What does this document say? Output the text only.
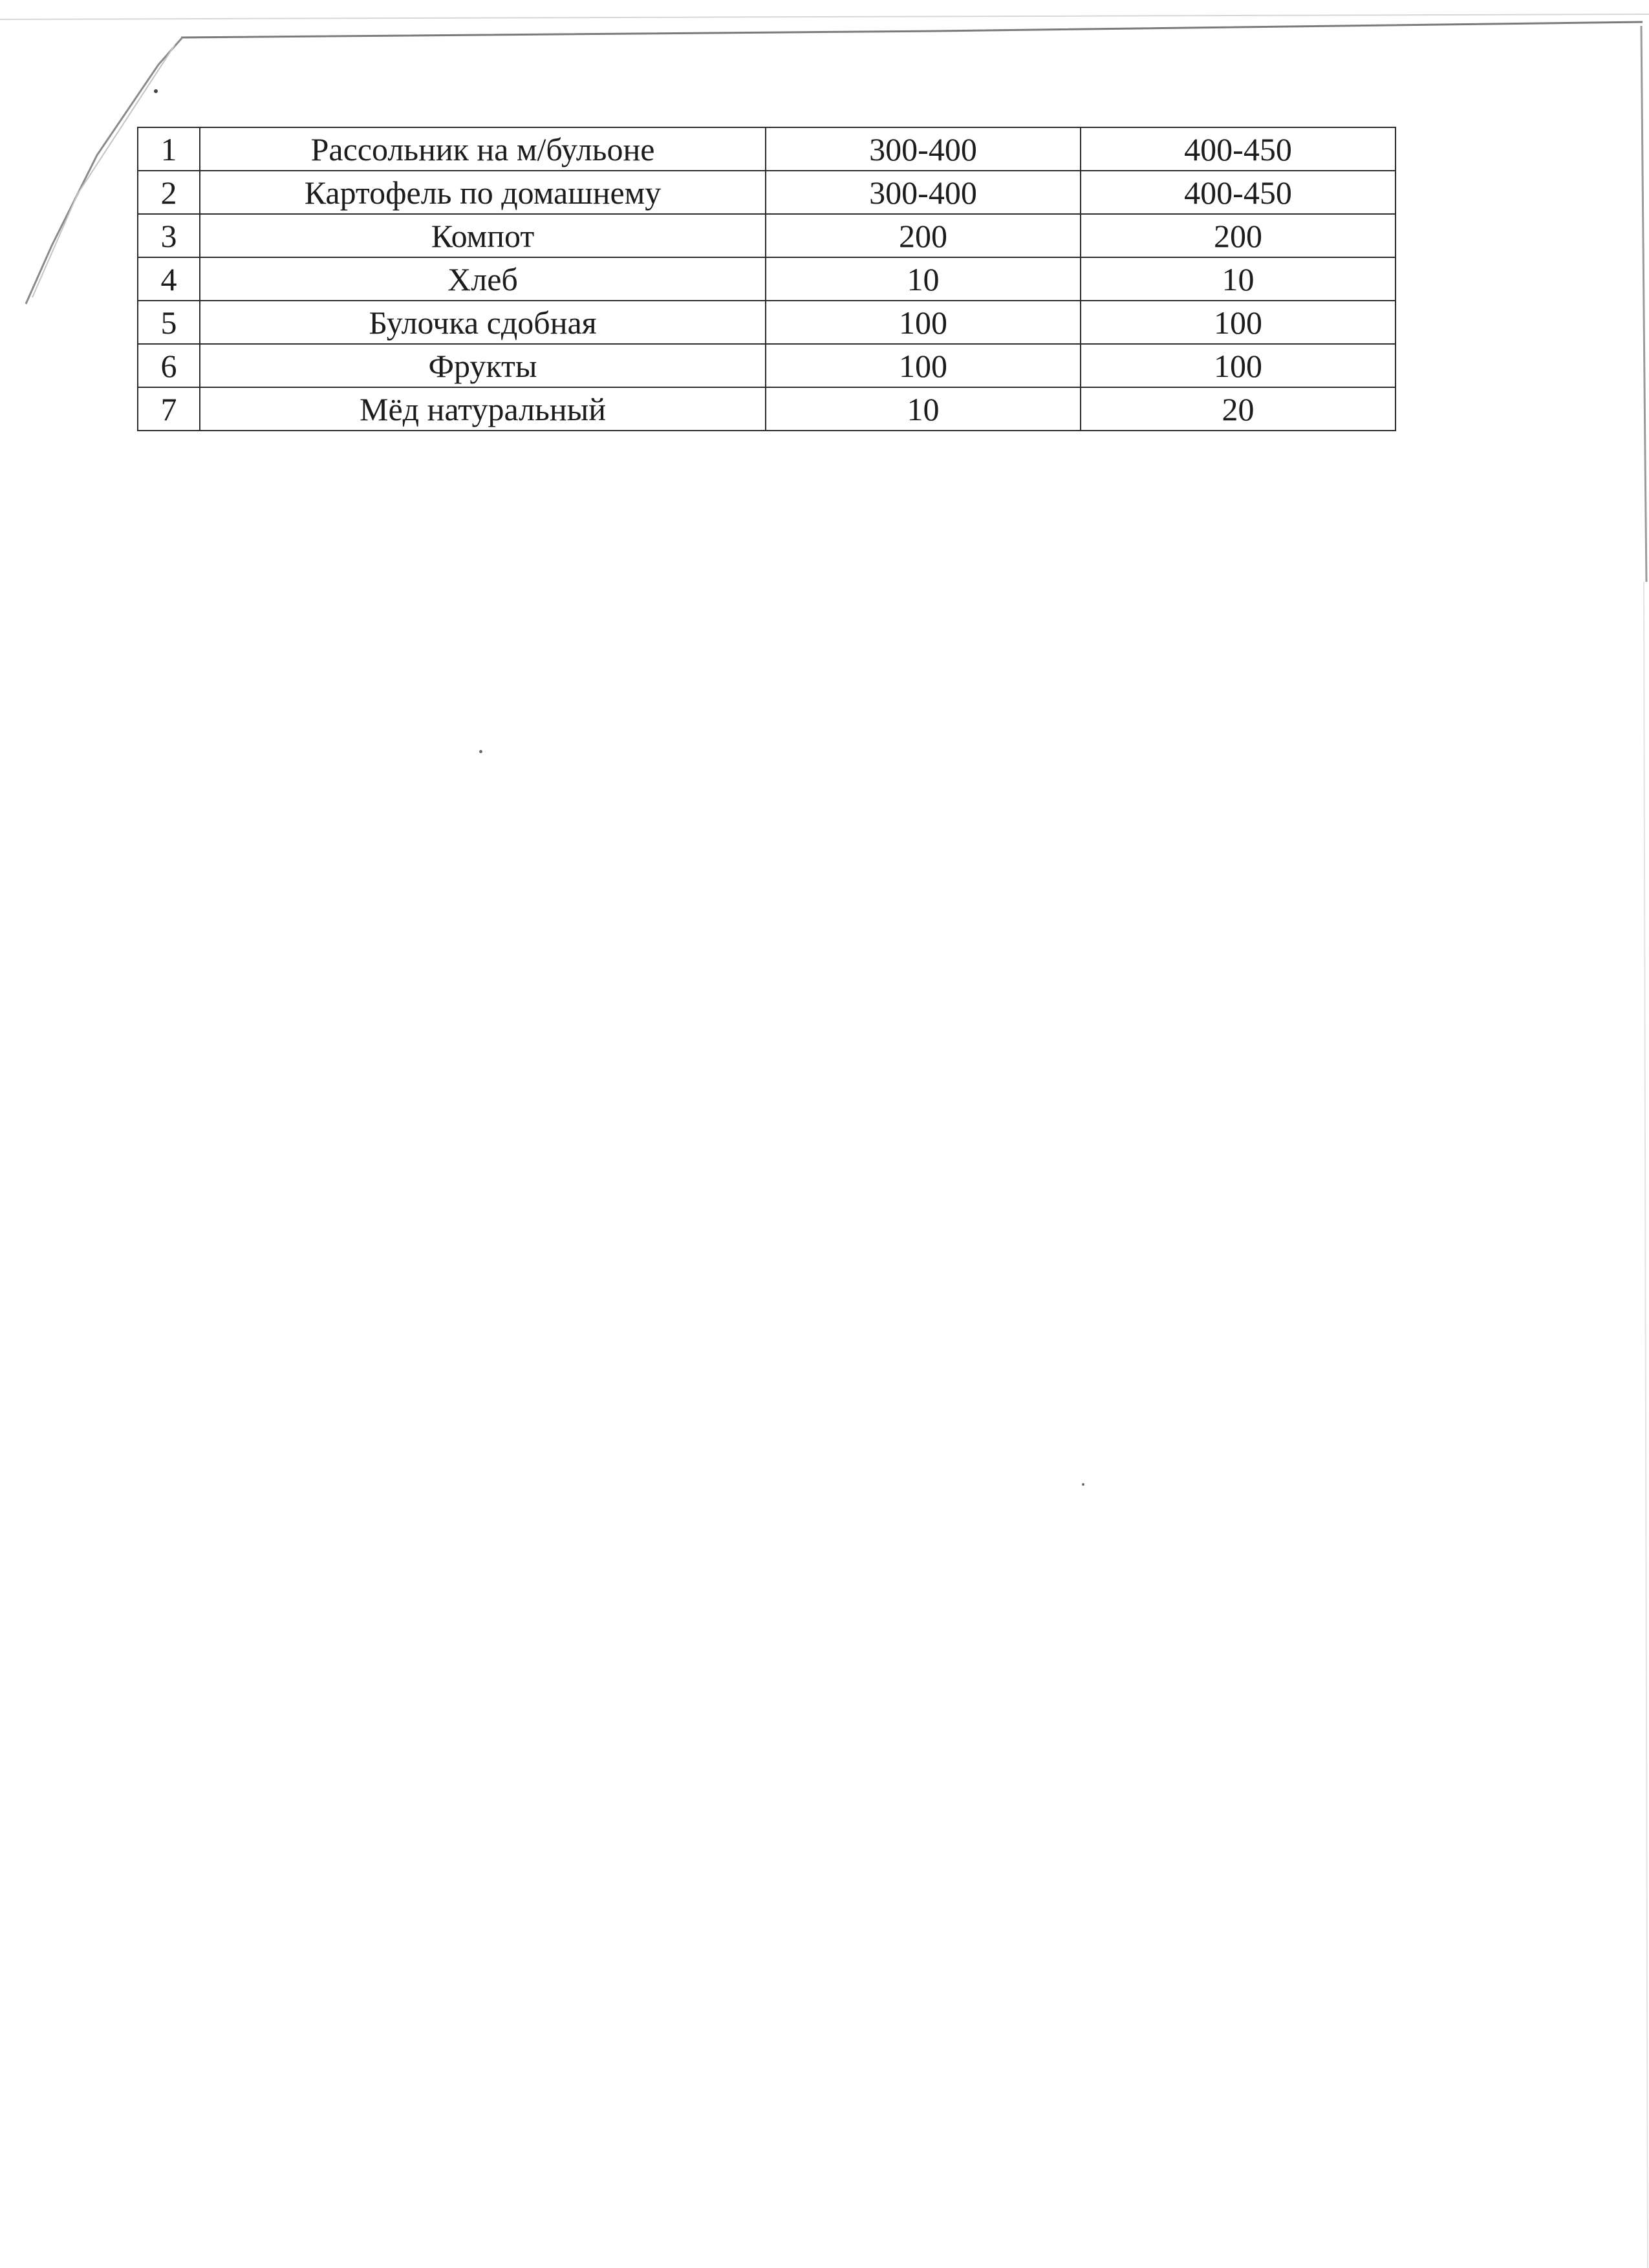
1	Рассольник на м/бульоне	300-400	400-450
2	Картофель по домашнему	300-400	400-450
3	Компот	200	200
4	Хлеб	10	10
5	Булочка сдобная	100	100
6	Фрукты	100	100
7	Мёд натуральный	10	20
